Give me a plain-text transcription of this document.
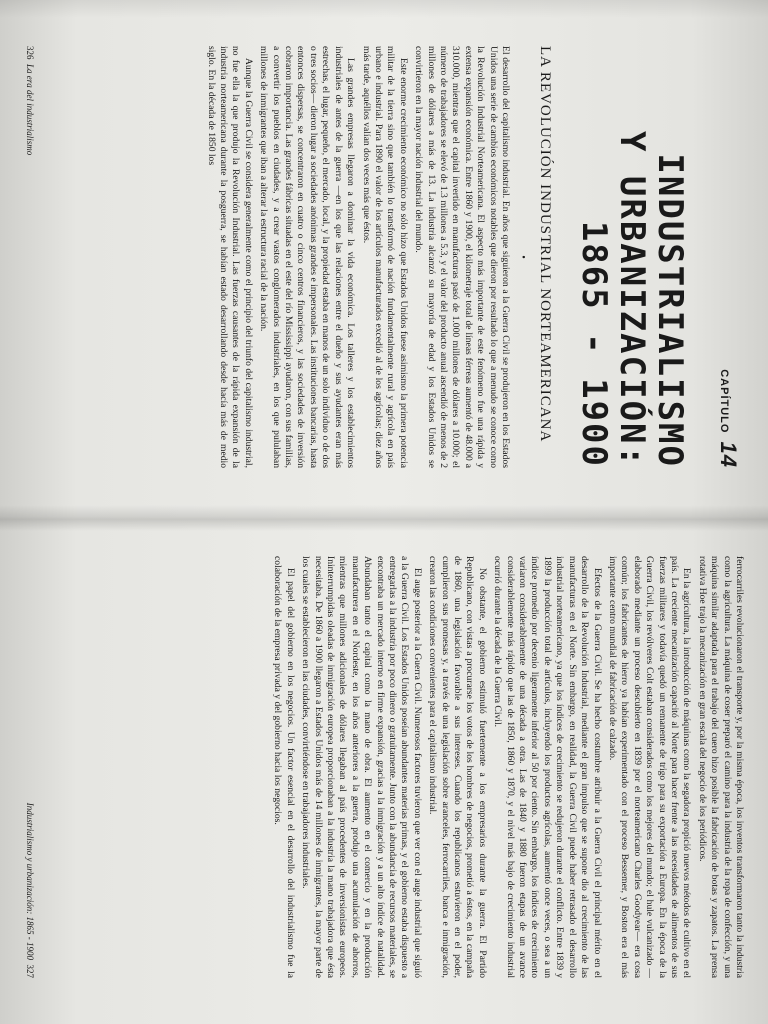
CAPÍTULO 14
INDUSTRIALISMO
Y URBANIZACIÓN:
1865 - 1900
LA REVOLUCIÓN INDUSTRIAL NORTEAMERICANA
•

El desarrollo del capitalismo industrial. En años que siguieron a la Guerra Civil se produjeron en los Estados Unidos una serie de cambios económicos notables que dieron por resultado lo que a menudo se conoce como la Revolución Industrial Norteamericana. El aspecto más importante de este fenómeno fue una rápida y extensa expansión económica. Entre 1860 y 1900, el kilometraje total de líneas férreas aumentó de 48.000 a 310.000, mientras que el capital invertido en manufacturas pasó de 1.000 millones de dólares a 10.000; el número de trabajadores se elevó de 1.3 millones a 5.3, y el valor del producto anual ascendió de menos de 2 millones de dólares a más de 13. La industria alcanzó su mayoría de edad y los Estados Unidos se convirtieron en la mayor nación industrial del mundo.

Este enorme crecimiento económico no sólo hizo que Estados Unidos fuese asimismo la primera potencia militar de la tierra sino que también lo transformó de nación fundamentalmente rural y agrícola en país urbano e industrial. Para 1890 el valor de los artículos manufacturados excedió al de los agrícolas; diez años más tarde, aquéllos valían dos veces más que éstos.

Las grandes empresas llegaron a dominar la vida económica. Los talleres y los establecimientos industriales de antes de la guerra —en los que las relaciones entre el dueño y sus ayudantes eran más estrechas, el lugar, pequeño, el mercado, local, y la propiedad estaba en manos de un solo individuo o de dos o tres socios— dieron lugar a sociedades anónimas grandes e impersonales. Las instituciones bancarias, hasta entonces dispersas, se concentraron en cuatro o cinco centros financieros, y las sociedades de inversión cobraron importancia. Las grandes fábricas situadas en el este del río Mississippi ayudaron, con sus familias, a convertir los pueblos en ciudades, y a crear vastos conglomerados industriales, en los que pululaban millones de inmigrantes que iban a alterar la estructura racial de la nación.

Aunque la Guerra Civil se considera generalmente como el principio del triunfo del capitalismo industrial, no fue ella la que produjo la Revolución Industrial. Las fuerzas causantes de la rápida expansión de la industria norteamericana durante la posguerra, se habían estado desarrollando desde hacía más de medio siglo. En la década de 1850 los

326  La era del industrialismo

ferrocarriles revolucionaron el transporte y, por la misma época, los inventos transformaron tanto la industria como la agricultura. La máquina de coser preparó el camino para la industria de la ropa de confección, y una máquina similar adaptada para el trabajo del cuero hizo posible la fabricación de botas y zapatos. La prensa rotativa Hoe trajo la mecanización en gran escala del negocio de los periódicos.

En la agricultura, la introducción de máquinas como la segadora propició nuevos métodos de cultivo en el país. La creciente mecanización capacitó al Norte para hacer frente a las necesidades de alimentos de sus fuerzas militares y todavía quedó un remanente de trigo para su exportación a Europa. En la época de la Guerra Civil, los revólveres Colt estaban considerados como los mejores del mundo; el hule vulcanizado —elaborado mediante un proceso descubierto en 1839 por el norteamericano Charles Goodyear— era cosa común; los fabricantes de hierro ya habían experimentado con el proceso Bessemer, y Boston era el más importante centro mundial de fabricación de calzado.

Efectos de la Guerra Civil. Se ha hecho costumbre atribuir a la Guerra Civil el principal mérito en el desarrollo de la Revolución Industrial, mediante el gran impulso que se supone dio al crecimiento de las manufacturas en el Norte. Sin embargo, en realidad, la Guerra Civil puede haber retrasado el desarrollo industrial norteamericano, ya que los índices de crecimiento se redujeron durante el conflicto. Entre 1839 y 1899 la producción total de artículos, incluyendo los productos agrícolas, aumentó once veces, o sea a un índice promedio por decenio ligeramente inferior al 50 por ciento. Sin embargo, los índices de crecimiento variaron considerablemente de una década a otra. Las de 1840 y 1880 fueron etapas de un avance considerablemente más rápido que las de 1850, 1860 y 1870, y el nivel más bajo de crecimiento industrial ocurrió durante la década de la Guerra Civil.

No obstante, el gobierno estimuló fuertemente a los empresarios durante la guerra. El Partido Republicano, con vistas a procurarse los votos de los hombres de negocios, prometió a éstos, en la campaña de 1860, una legislación favorable a sus intereses. Cuando los republicanos estuvieron en el poder, cumplieron sus promesas y, a través de una legislación sobre aranceles, ferrocarriles, banca e inmigración, crearon las condiciones convenientes para el capitalismo industrial.

El auge posterior a la Guerra Civil. Numerosos factores tuvieron que ver con el auge industrial que siguió a la Guerra Civil. Los Estados Unidos poseían abundantes materias primas, y el gobierno estaba dispuesto a entregarlas a la industria por poco dinero o gratuitamente. Junto con la abundancia de recursos materiales, se encontraba un mercado interno en firme expansión, gracias a la inmigración y a un alto índice de natalidad. Abundaban tanto el capital como la mano de obra. El aumento en el comercio y en la producción manufacturera en el Nordeste, en los años anteriores a la guerra, produjo una acumulación de ahorros, mientras que millones adicionales de dólares llegaban al país procedentes de inversionistas europeos. Ininterrumpidas oleadas de inmigración europea proporcionaban a la industria la mano trabajadora que ésta necesitaba. De 1860 a 1900 llegaron a Estados Unidos más de 14 millones de inmigrantes, la mayor parte de los cuales se establecieron en las ciudades, convirtiéndose en trabajadores industriales.

El papel del gobierno en los negocios. Un factor esencial en el desarrollo del industrialismo fue la colaboración de la empresa privada y del gobierno hacia los negocios.

Industrialismo y urbanización: 1865 - 1900  327
